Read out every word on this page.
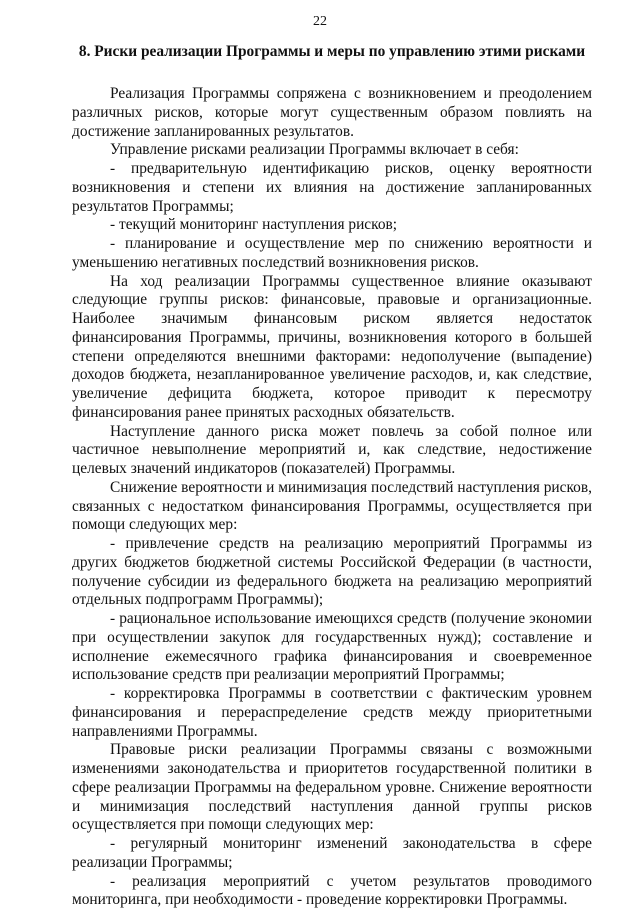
22
8. Риски реализации Программы и меры по управлению этими рисками

Реализация Программы сопряжена с возникновением и преодолением различных рисков, которые могут существенным образом повлиять на достижение запланированных результатов.

Управление рисками реализации Программы включает в себя:

- предварительную идентификацию рисков, оценку вероятности возникновения и степени их влияния на достижение запланированных результатов Программы;

- текущий мониторинг наступления рисков;

- планирование и осуществление мер по снижению вероятности и уменьшению негативных последствий возникновения рисков.

На ход реализации Программы существенное влияние оказывают следующие группы рисков: финансовые, правовые и организационные. Наиболее значимым финансовым риском является недостаток финансирования Программы, причины, возникновения которого в большей степени определяются внешними факторами: недополучение (выпадение) доходов бюджета, незапланированное увеличение расходов, и, как следствие, увеличение дефицита бюджета, которое приводит к пересмотру финансирования ранее принятых расходных обязательств.

Наступление данного риска может повлечь за собой полное или частичное невыполнение мероприятий и, как следствие, недостижение целевых значений индикаторов (показателей) Программы.

Снижение вероятности и минимизация последствий наступления рисков, связанных с недостатком финансирования Программы, осуществляется при помощи следующих мер:

- привлечение средств на реализацию мероприятий Программы из других бюджетов бюджетной системы Российской Федерации (в частности, получение субсидии из федерального бюджета на реализацию мероприятий отдельных подпрограмм Программы);

- рациональное использование имеющихся средств (получение экономии при осуществлении закупок для государственных нужд); составление и исполнение ежемесячного графика финансирования и своевременное использование средств при реализации мероприятий Программы;

- корректировка Программы в соответствии с фактическим уровнем финансирования и перераспределение средств между приоритетными направлениями Программы.

Правовые риски реализации Программы связаны с возможными изменениями законодательства и приоритетов государственной политики в сфере реализации Программы на федеральном уровне. Снижение вероятности и минимизация последствий наступления данной группы рисков осуществляется при помощи следующих мер:

- регулярный мониторинг изменений законодательства в сфере реализации Программы;

- реализация мероприятий с учетом результатов проводимого мониторинга, при необходимости - проведение корректировки Программы.
